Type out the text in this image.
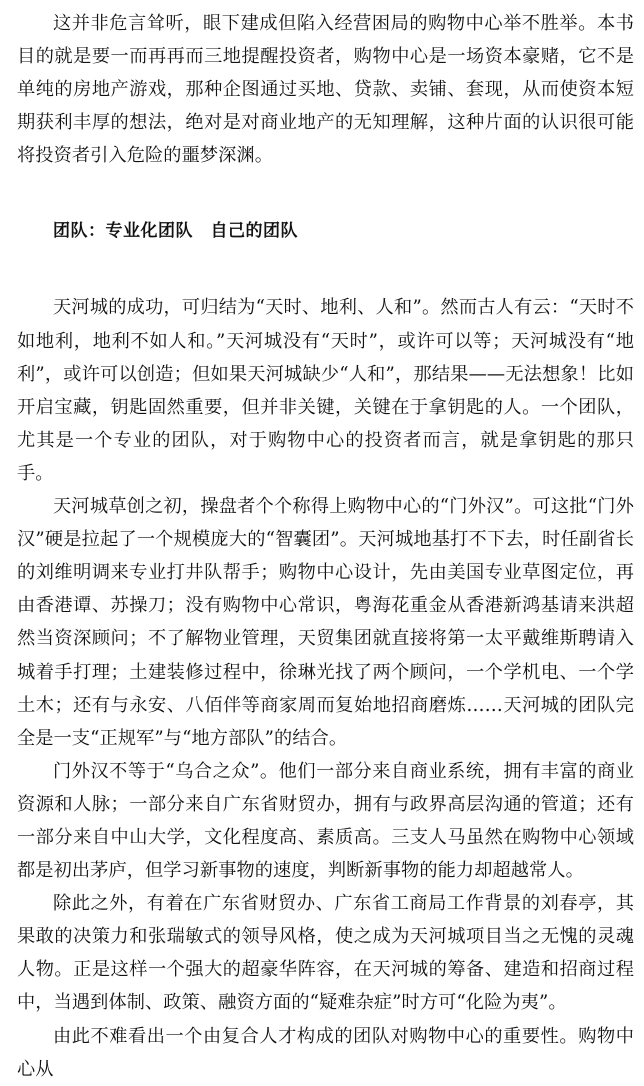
这并非危言耸听，眼下建成但陷入经营困局的购物中心举不胜举。本书目的就是要一而再再而三地提醒投资者，购物中心是一场资本豪赌，它不是单纯的房地产游戏，那种企图通过买地、贷款、卖铺、套现，从而使资本短期获利丰厚的想法，绝对是对商业地产的无知理解，这种片面的认识很可能将投资者引入危险的噩梦深渊。

团队：专业化团队　自己的团队

天河城的成功，可归结为“天时、地利、人和”。然而古人有云：“天时不如地利，地利不如人和。”天河城没有“天时”，或许可以等；天河城没有“地利”，或许可以创造；但如果天河城缺少“人和”，那结果——无法想象！比如开启宝藏，钥匙固然重要，但并非关键，关键在于拿钥匙的人。一个团队，尤其是一个专业的团队，对于购物中心的投资者而言，就是拿钥匙的那只手。

天河城草创之初，操盘者个个称得上购物中心的“门外汉”。可这批“门外汉”硬是拉起了一个规模庞大的“智囊团”。天河城地基打不下去，时任副省长的刘维明调来专业打井队帮手；购物中心设计，先由美国专业草图定位，再由香港谭、苏操刀；没有购物中心常识，粤海花重金从香港新鸿基请来洪超然当资深顾问；不了解物业管理，天贸集团就直接将第一太平戴维斯聘请入城着手打理；土建装修过程中，徐琳光找了两个顾问，一个学机电、一个学土木；还有与永安、八佰伴等商家周而复始地招商磨炼……天河城的团队完全是一支“正规军”与“地方部队”的结合。

门外汉不等于“乌合之众”。他们一部分来自商业系统，拥有丰富的商业资源和人脉；一部分来自广东省财贸办，拥有与政界高层沟通的管道；还有一部分来自中山大学，文化程度高、素质高。三支人马虽然在购物中心领域都是初出茅庐，但学习新事物的速度，判断新事物的能力却超越常人。

除此之外，有着在广东省财贸办、广东省工商局工作背景的刘春亭，其果敢的决策力和张瑞敏式的领导风格，使之成为天河城项目当之无愧的灵魂人物。正是这样一个强大的超豪华阵容，在天河城的筹备、建造和招商过程中，当遇到体制、政策、融资方面的“疑难杂症”时方可“化险为夷”。

由此不难看出一个由复合人才构成的团队对购物中心的重要性。购物中心从
